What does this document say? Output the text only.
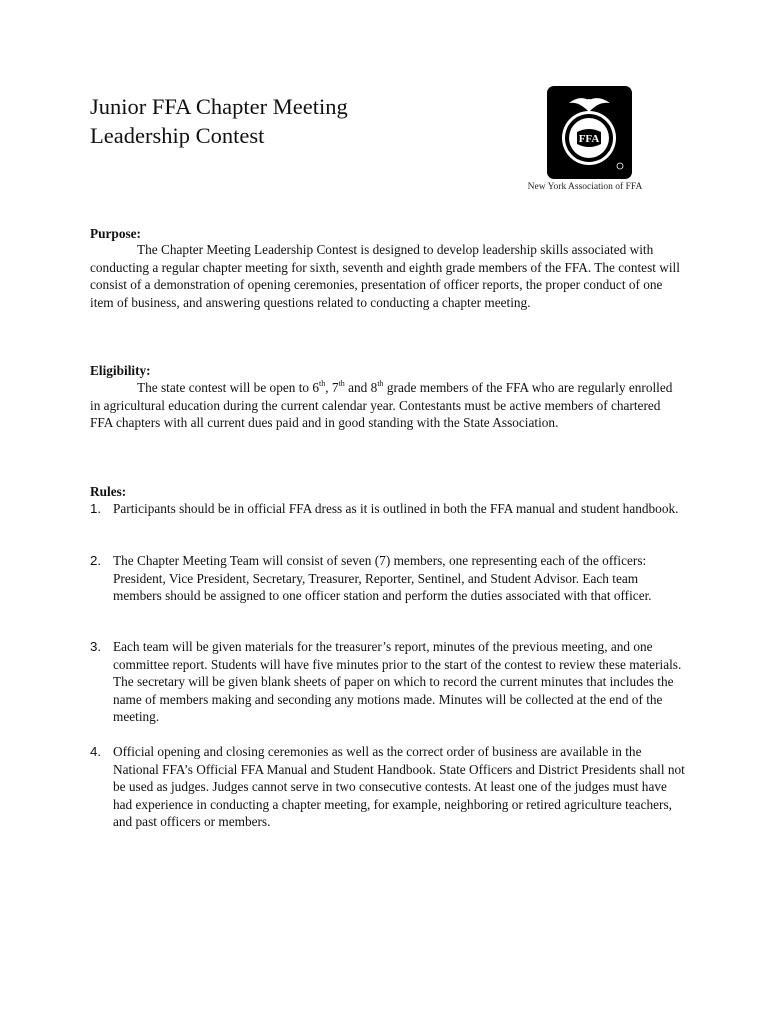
Junior FFA Chapter Meeting
Leadership Contest	FFA
New York Association of FFA
Purpose:

The Chapter Meeting Leadership Contest is designed to develop leadership skills associated with conducting a regular chapter meeting for sixth, seventh and eighth grade members of the FFA. The contest will consist of a demonstration of opening ceremonies, presentation of officer reports, the proper conduct of one item of business, and answering questions related to conducting a chapter meeting.

Eligibility:

The state contest will be open to 6th, 7th and 8th grade members of the FFA who are regularly enrolled in agricultural education during the current calendar year. Contestants must be active members of chartered FFA chapters with all current dues paid and in good standing with the State Association.

Rules:
1. Participants should be in official FFA dress as it is outlined in both the FFA manual and student handbook.
2. The Chapter Meeting Team will consist of seven (7) members, one representing each of the officers: President, Vice President, Secretary, Treasurer, Reporter, Sentinel, and Student Advisor. Each team members should be assigned to one officer station and perform the duties associated with that officer.
3. Each team will be given materials for the treasurer’s report, minutes of the previous meeting, and one committee report. Students will have five minutes prior to the start of the contest to review these materials. The secretary will be given blank sheets of paper on which to record the current minutes that includes the name of members making and seconding any motions made. Minutes will be collected at the end of the meeting.
4. Official opening and closing ceremonies as well as the correct order of business are available in the National FFA’s Official FFA Manual and Student Handbook. State Officers and District Presidents shall not be used as judges. Judges cannot serve in two consecutive contests. At least one of the judges must have had experience in conducting a chapter meeting, for example, neighboring or retired agriculture teachers, and past officers or members.
